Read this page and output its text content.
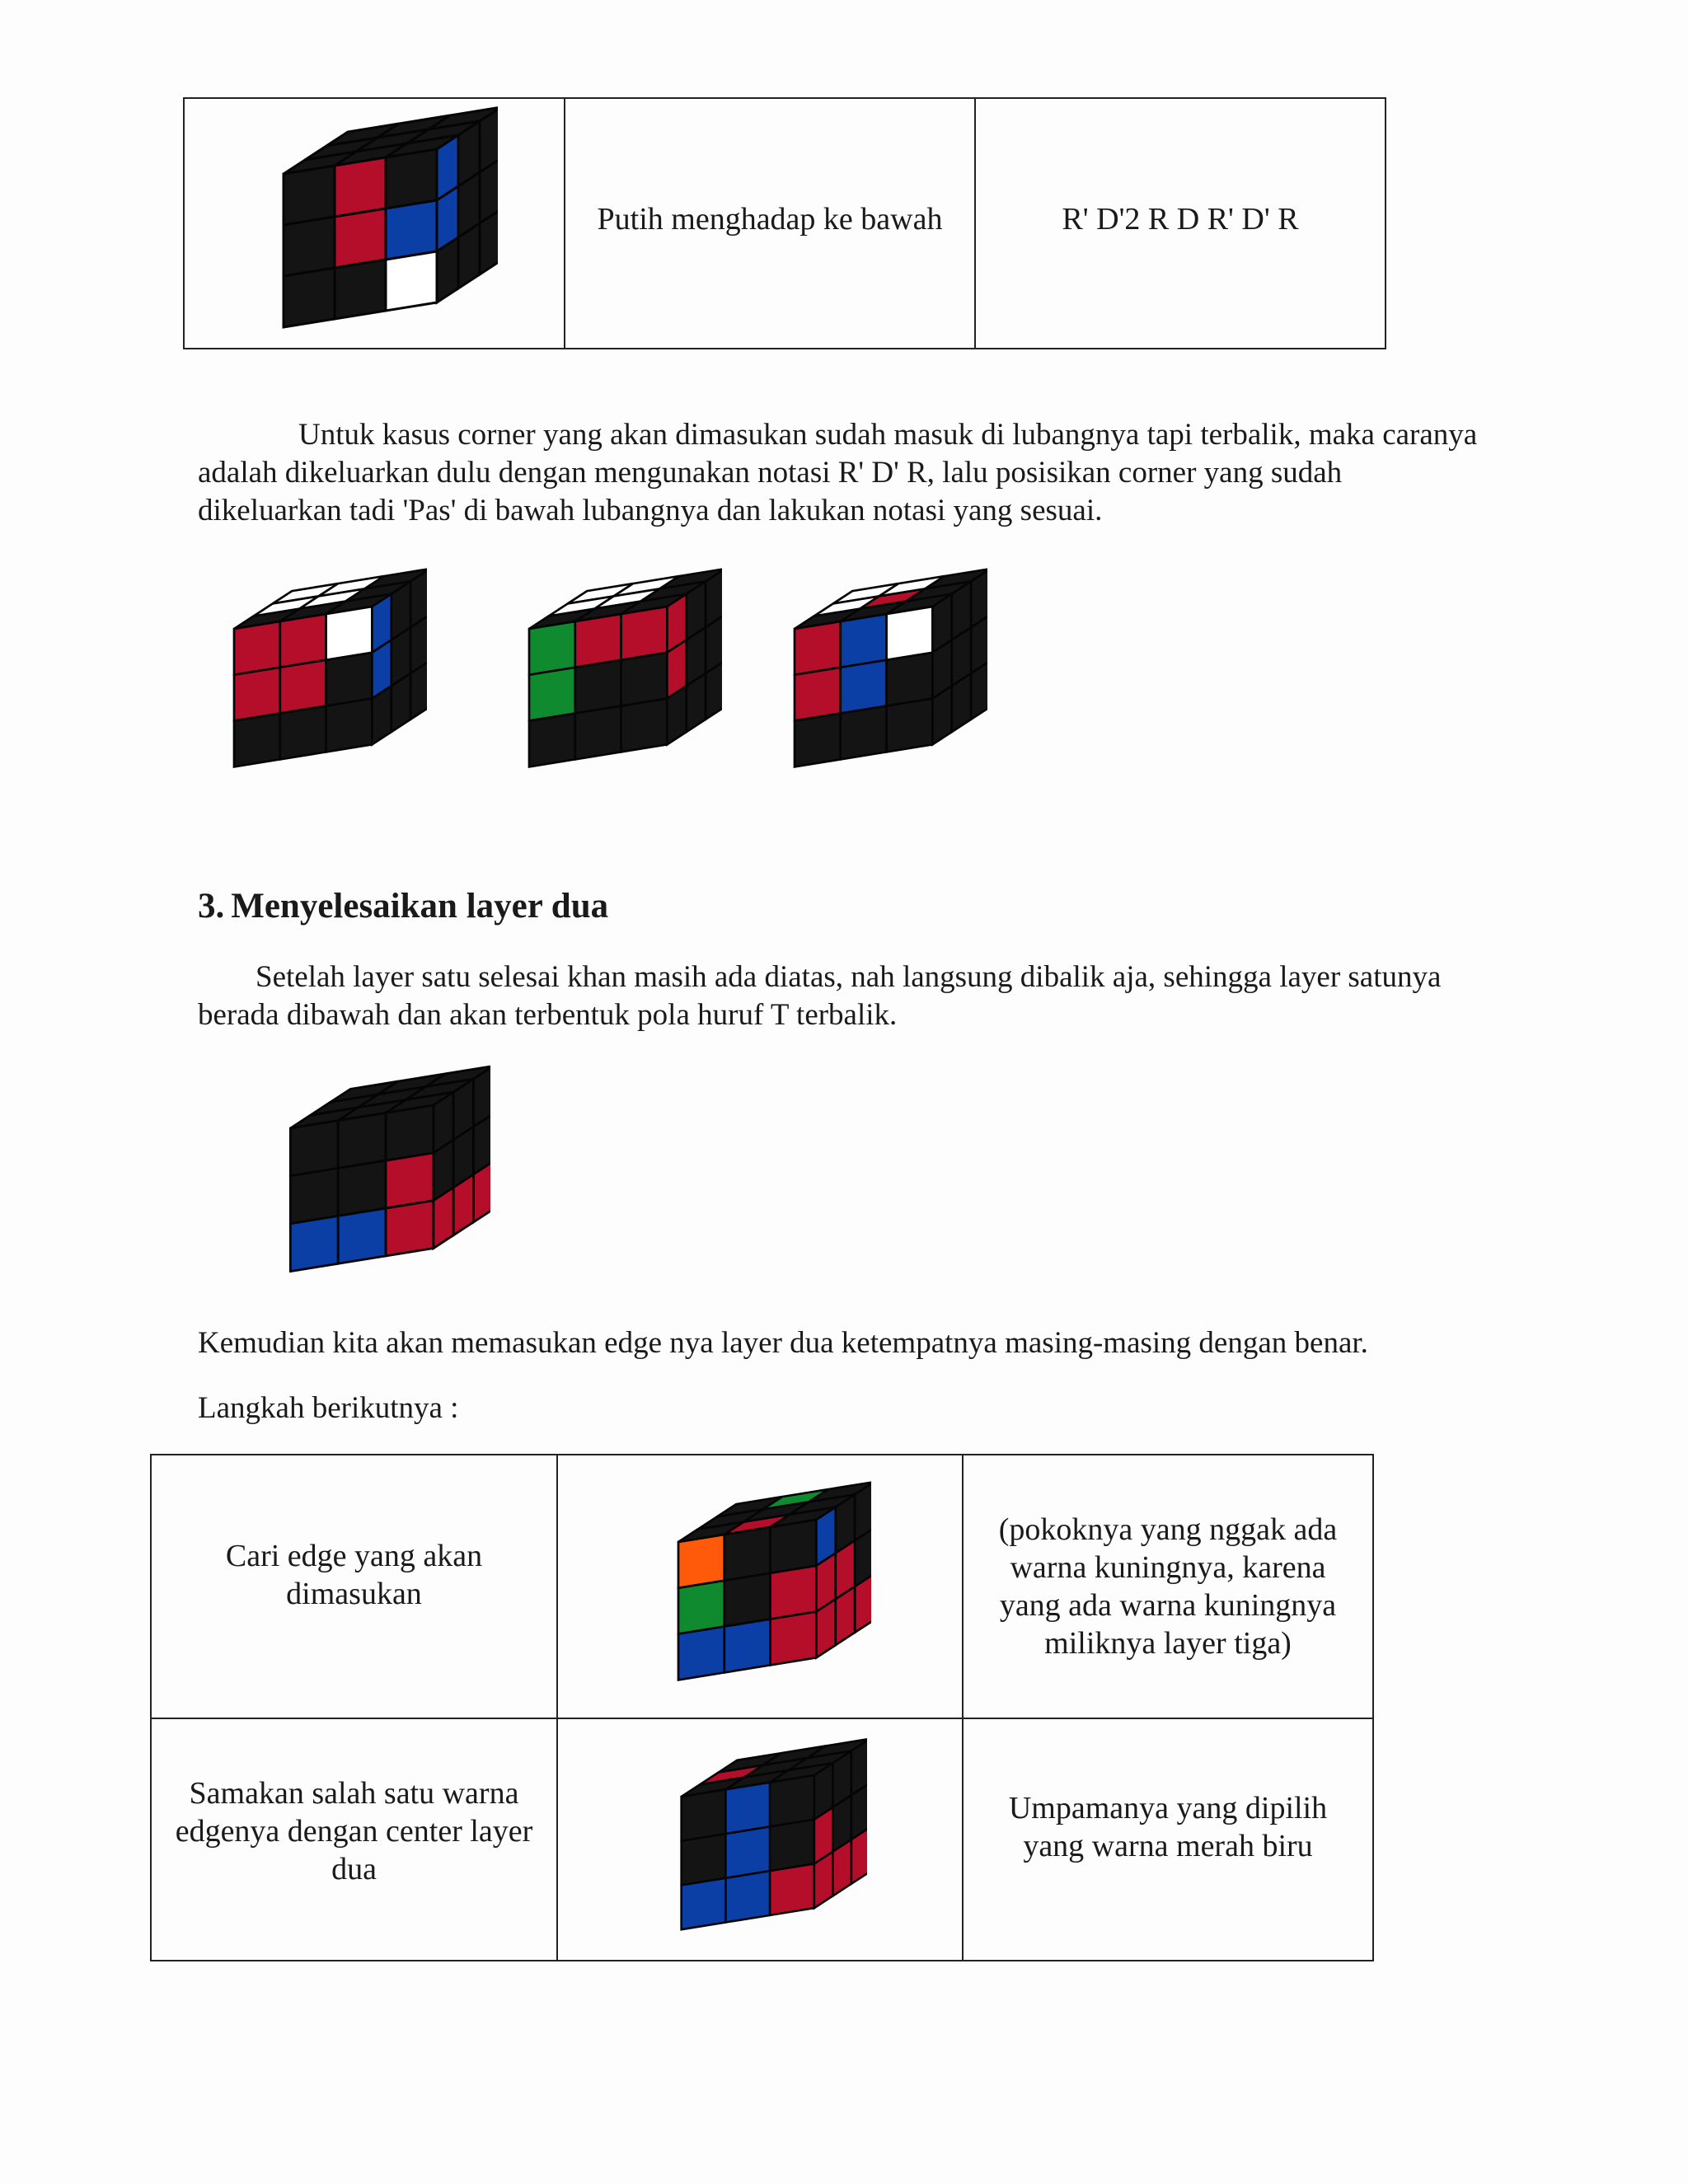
Putih menghadap ke bawah	R' D'2 R D R' D' R

Untuk kasus corner yang akan dimasukan sudah masuk di lubangnya tapi terbalik, maka caranya adalah dikeluarkan dulu dengan mengunakan notasi R' D' R, lalu posisikan corner yang sudah dikeluarkan tadi 'Pas' di bawah lubangnya dan lakukan notasi yang sesuai.

3. Menyelesaikan layer dua

Setelah layer satu selesai khan masih ada diatas, nah langsung dibalik aja, sehingga layer satunya berada dibawah dan akan terbentuk pola huruf T terbalik.

Kemudian kita akan memasukan edge nya layer dua ketempatnya masing-masing dengan benar.

Langkah berikutnya :

Cari edge yang akan dimasukan		(pokoknya yang nggak ada warna kuningnya, karena yang ada warna kuningnya miliknya layer tiga)

Samakan salah satu warna edgenya dengan center layer dua		Umpamanya yang dipilih yang warna merah biru
